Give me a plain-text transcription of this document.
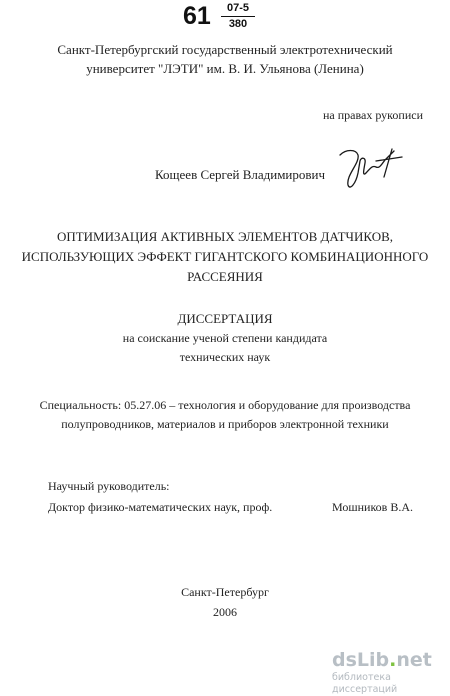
$61 \frac{07-5}{380}$
Санкт-Петербургский государственный электротехнический
университет "ЛЭТИ" им. В. И. Ульянова (Ленина)
на правах рукописи
Кощеев Сергей Владимирович
ОПТИМИЗАЦИЯ АКТИВНЫХ ЭЛЕМЕНТОВ ДАТЧИКОВ,
ИСПОЛЬЗУЮЩИХ ЭФФЕКТ ГИГАНТСКОГО КОМБИНАЦИОННОГО
РАССЕЯНИЯ
ДИССЕРТАЦИЯ
на соискание ученой степени кандидата
технических наук
Специальность: 05.27.06 – технология и оборудование для производства
полупроводников, материалов и приборов электронной техники
Научный руководитель:
Доктор физико-математических наук, проф.	Мошников В.А.
Санкт-Петербург
2006
dsLib.net
библиотека диссертаций
